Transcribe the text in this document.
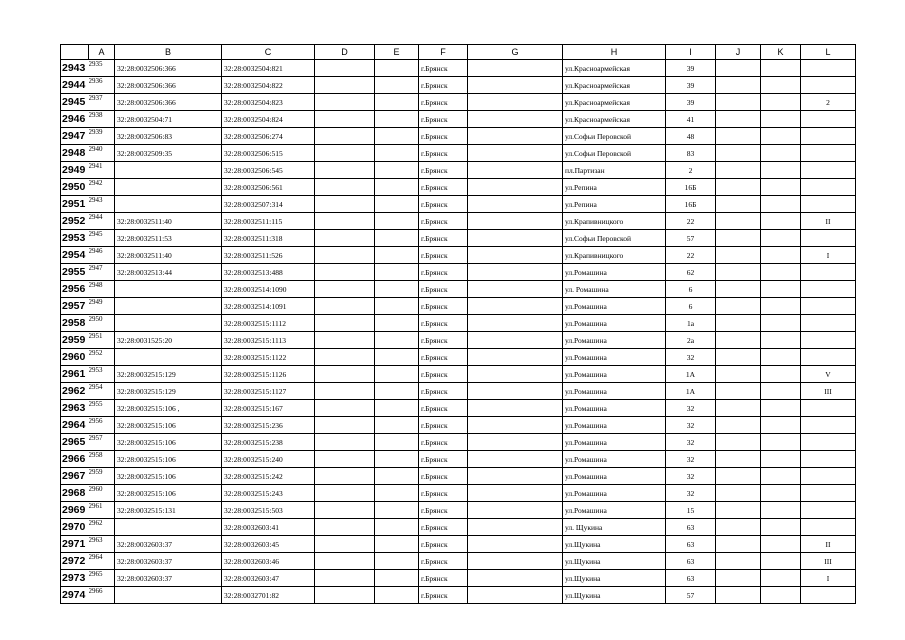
	A	B	C	D	E	F	G	H	I	J	K	L
2943	2935	32:28:0032506:366	32:28:0032504:821			г.Брянск		ул.Красноармейская	39			
2944	2936	32:28:0032506:366	32:28:0032504:822			г.Брянск		ул.Красноармейская	39			
2945	2937	32:28:0032506:366	32:28:0032504:823			г.Брянск		ул.Красноармейская	39			2
2946	2938	32:28:0032504:71	32:28:0032504:824			г.Брянск		ул.Красноармейская	41			
2947	2939	32:28:0032506:83	32:28:0032506:274			г.Брянск		ул.Софьи Перовской	48			
2948	2940	32:28:0032509:35	32:28:0032506:515			г.Брянск		ул.Софьи Перовской	83			
2949	2941		32:28:0032506:545			г.Брянск		пл.Партизан	2			
2950	2942		32:28:0032506:561			г.Брянск		ул.Репина	16Б			
2951	2943		32:28:0032507:314			г.Брянск		ул.Репина	16Б			
2952	2944	32:28:0032511:40	32:28:0032511:115			г.Брянск		ул.Крапивницкого	22			II
2953	2945	32:28:0032511:53	32:28:0032511:318			г.Брянск		ул.Софьи Перовской	57			
2954	2946	32:28:0032511:40	32:28:0032511:526			г.Брянск		ул.Крапивницкого	22			I
2955	2947	32:28:0032513:44	32:28:0032513:488			г.Брянск		ул.Ромашина	62			
2956	2948		32:28:0032514:1090			г.Брянск		ул. Ромашина	6			
2957	2949		32:28:0032514:1091			г.Брянск		ул.Ромашина	6			
2958	2950		32:28:0032515:1112			г.Брянск		ул.Ромашина	1а			
2959	2951	32:28:0031525:20	32:28:0032515:1113			г.Брянск		ул.Ромашина	2а			
2960	2952		32:28:0032515:1122			г.Брянск		ул.Ромашина	32			
2961	2953	32:28:0032515:129	32:28:0032515:1126			г.Брянск		ул.Ромашина	1А			V
2962	2954	32:28:0032515:129	32:28:0032515:1127			г.Брянск		ул.Ромашина	1А			III
2963	2955	32:28:0032515:106 ,	32:28:0032515:167			г.Брянск		ул.Ромашина	32			
2964	2956	32:28:0032515:106	32:28:0032515:236			г.Брянск		ул.Ромашина	32			
2965	2957	32:28:0032515:106	32:28:0032515:238			г.Брянск		ул.Ромашина	32			
2966	2958	32:28:0032515:106	32:28:0032515:240			г.Брянск		ул.Ромашина	32			
2967	2959	32:28:0032515:106	32:28:0032515:242			г.Брянск		ул.Ромашина	32			
2968	2960	32:28:0032515:106	32:28:0032515:243			г.Брянск		ул.Ромашина	32			
2969	2961	32:28:0032515:131	32:28:0032515:503			г.Брянск		ул.Ромашина	15			
2970	2962		32:28:0032603:41			г.Брянск		ул. Щукина	63			
2971	2963	32:28:0032603:37	32:28:0032603:45			г.Брянск		ул.Щукина	63			II
2972	2964	32:28:0032603:37	32:28:0032603:46			г.Брянск		ул.Щукина	63			III
2973	2965	32:28:0032603:37	32:28:0032603:47			г.Брянск		ул.Щукина	63			I
2974	2966		32:28:0032701:82			г.Брянск		ул.Щукина	57			
